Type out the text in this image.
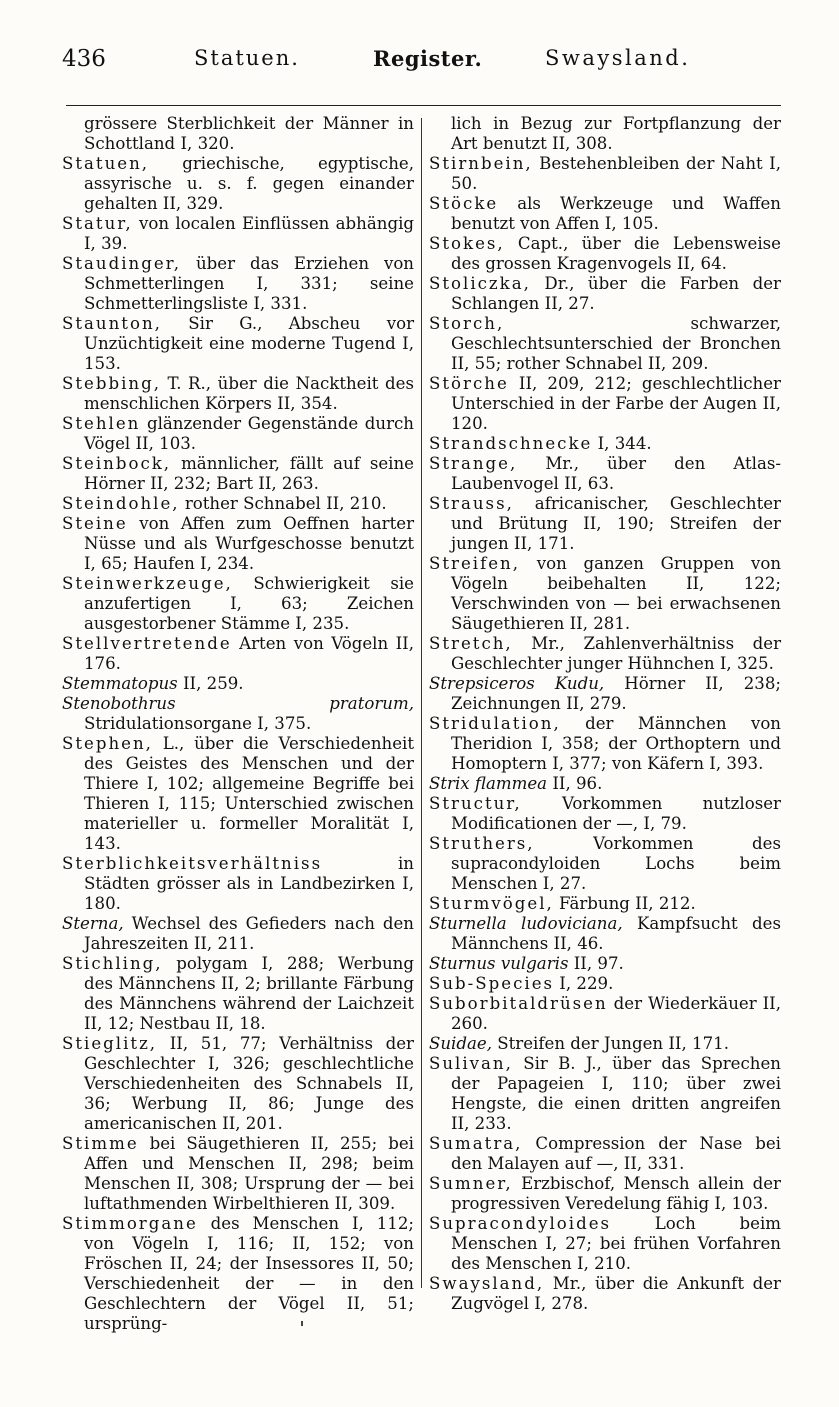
436	Statuen.	Register.	Swaysland.
grössere Sterblichkeit der Männer in Schottland I, 320.
Statuen, griechische, egyptische, assyrische u. s. f. gegen einander gehalten II, 329.
Statur, von localen Einflüssen abhängig I, 39.
Staudinger, über das Erziehen von Schmetterlingen I, 331; seine Schmetterlingsliste I, 331.
Staunton, Sir G., Abscheu vor Unzüchtigkeit eine moderne Tugend I, 153.
Stebbing, T. R., über die Nacktheit des menschlichen Körpers II, 354.
Stehlen glänzender Gegenstände durch Vögel II, 103.
Steinbock, männlicher, fällt auf seine Hörner II, 232; Bart II, 263.
Steindohle, rother Schnabel II, 210.
Steine von Affen zum Oeffnen harter Nüsse und als Wurfgeschosse benutzt I, 65; Haufen I, 234.
Steinwerkzeuge, Schwierigkeit sie anzufertigen I, 63; Zeichen ausgestorbener Stämme I, 235.
Stellvertretende Arten von Vögeln II, 176.
Stemmatopus II, 259.
Stenobothrus pratorum, Stridulationsorgane I, 375.
Stephen, L., über die Verschiedenheit des Geistes des Menschen und der Thiere I, 102; allgemeine Begriffe bei Thieren I, 115; Unterschied zwischen materieller u. formeller Moralität I, 143.
Sterblichkeitsverhältniss in Städten grösser als in Landbezirken I, 180.
Sterna, Wechsel des Gefieders nach den Jahreszeiten II, 211.
Stichling, polygam I, 288; Werbung des Männchens II, 2; brillante Färbung des Männchens während der Laichzeit II, 12; Nestbau II, 18.
Stieglitz, II, 51, 77; Verhältniss der Geschlechter I, 326; geschlechtliche Verschiedenheiten des Schnabels II, 36; Werbung II, 86; Junge des americanischen II, 201.
Stimme bei Säugethieren II, 255; bei Affen und Menschen II, 298; beim Menschen II, 308; Ursprung der — bei luftathmenden Wirbelthieren II, 309.
Stimmorgane des Menschen I, 112; von Vögeln I, 116; II, 152; von Fröschen II, 24; der Insessores II, 50; Verschiedenheit der — in den Geschlechtern der Vögel II, 51; ursprüng-
lich in Bezug zur Fortpflanzung der Art benutzt II, 308.
Stirnbein, Bestehenbleiben der Naht I, 50.
Stöcke als Werkzeuge und Waffen benutzt von Affen I, 105.
Stokes, Capt., über die Lebensweise des grossen Kragenvogels II, 64.
Stoliczka, Dr., über die Farben der Schlangen II, 27.
Storch, schwarzer, Geschlechtsunterschied der Bronchen II, 55; rother Schnabel II, 209.
Störche II, 209, 212; geschlechtlicher Unterschied in der Farbe der Augen II, 120.
Strandschnecke I, 344.
Strange, Mr., über den Atlas-Laubenvogel II, 63.
Strauss, africanischer, Geschlechter und Brütung II, 190; Streifen der jungen II, 171.
Streifen, von ganzen Gruppen von Vögeln beibehalten II, 122; Verschwinden von — bei erwachsenen Säugethieren II, 281.
Stretch, Mr., Zahlenverhältniss der Geschlechter junger Hühnchen I, 325.
Strepsiceros Kudu, Hörner II, 238; Zeichnungen II, 279.
Stridulation, der Männchen von Theridion I, 358; der Orthoptern und Homoptern I, 377; von Käfern I, 393.
Strix flammea II, 96.
Structur, Vorkommen nutzloser Modificationen der —, I, 79.
Struthers, Vorkommen des supracondyloiden Lochs beim Menschen I, 27.
Sturmvögel, Färbung II, 212.
Sturnella ludoviciana, Kampfsucht des Männchens II, 46.
Sturnus vulgaris II, 97.
Sub-Species I, 229.
Suborbitaldrüsen der Wiederkäuer II, 260.
Suidae, Streifen der Jungen II, 171.
Sulivan, Sir B. J., über das Sprechen der Papageien I, 110; über zwei Hengste, die einen dritten angreifen II, 233.
Sumatra, Compression der Nase bei den Malayen auf —, II, 331.
Sumner, Erzbischof, Mensch allein der progressiven Veredelung fähig I, 103.
Supracondyloides Loch beim Menschen I, 27; bei frühen Vorfahren des Menschen I, 210.
Swaysland, Mr., über die Ankunft der Zugvögel I, 278.
